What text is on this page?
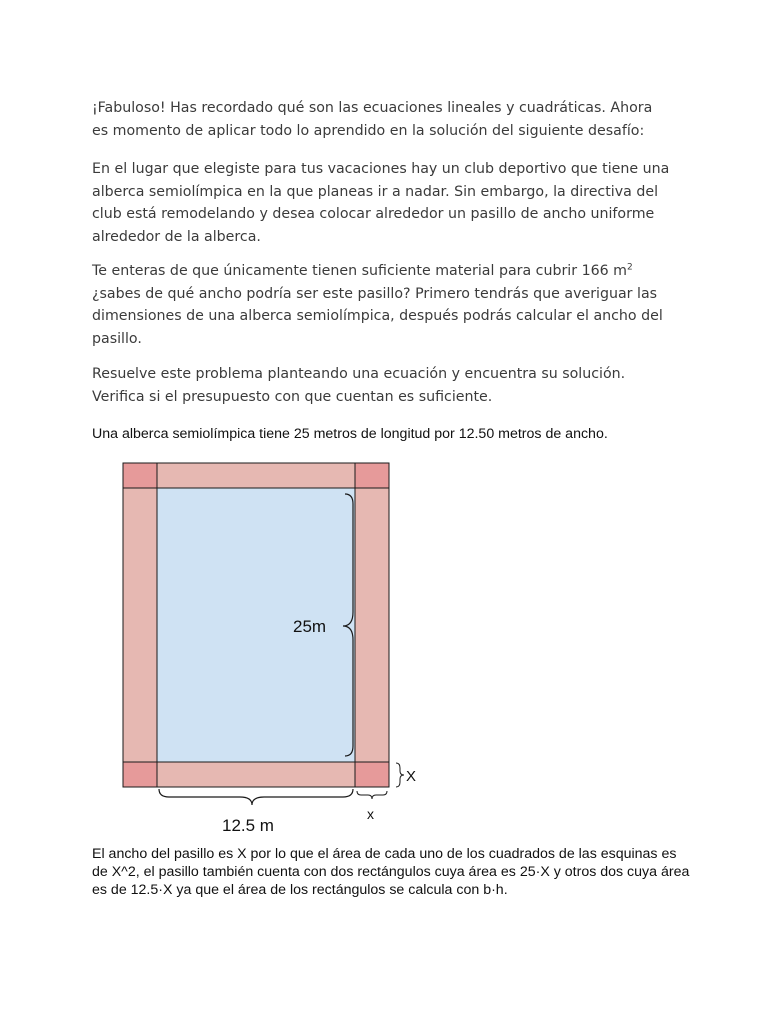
¡Fabuloso! Has recordado qué son las ecuaciones lineales y cuadráticas. Ahora es momento de aplicar todo lo aprendido en la solución del siguiente desafío:

En el lugar que elegiste para tus vacaciones hay un club deportivo que tiene una alberca semiolímpica en la que planeas ir a nadar. Sin embargo, la directiva del club está remodelando y desea colocar alrededor un pasillo de ancho uniforme alrededor de la alberca.

Te enteras de que únicamente tienen suficiente material para cubrir 166 $m^2$ ¿sabes de qué ancho podría ser este pasillo? Primero tendrás que averiguar las dimensiones de una alberca semiolímpica, después podrás calcular el ancho del pasillo.

Resuelve este problema planteando una ecuación y encuentra su solución. Verifica si el presupuesto con que cuentan es suficiente.

Una alberca semiolímpica tiene 25 metros de longitud por 12.50 metros de ancho.

25m
12.5 m
X
x

El ancho del pasillo es X por lo que el área de cada uno de los cuadrados de las esquinas es de X^2, el pasillo también cuenta con dos rectángulos cuya área es 25·X y otros dos cuya área es de 12.5·X ya que el área de los rectángulos se calcula con b·h.
